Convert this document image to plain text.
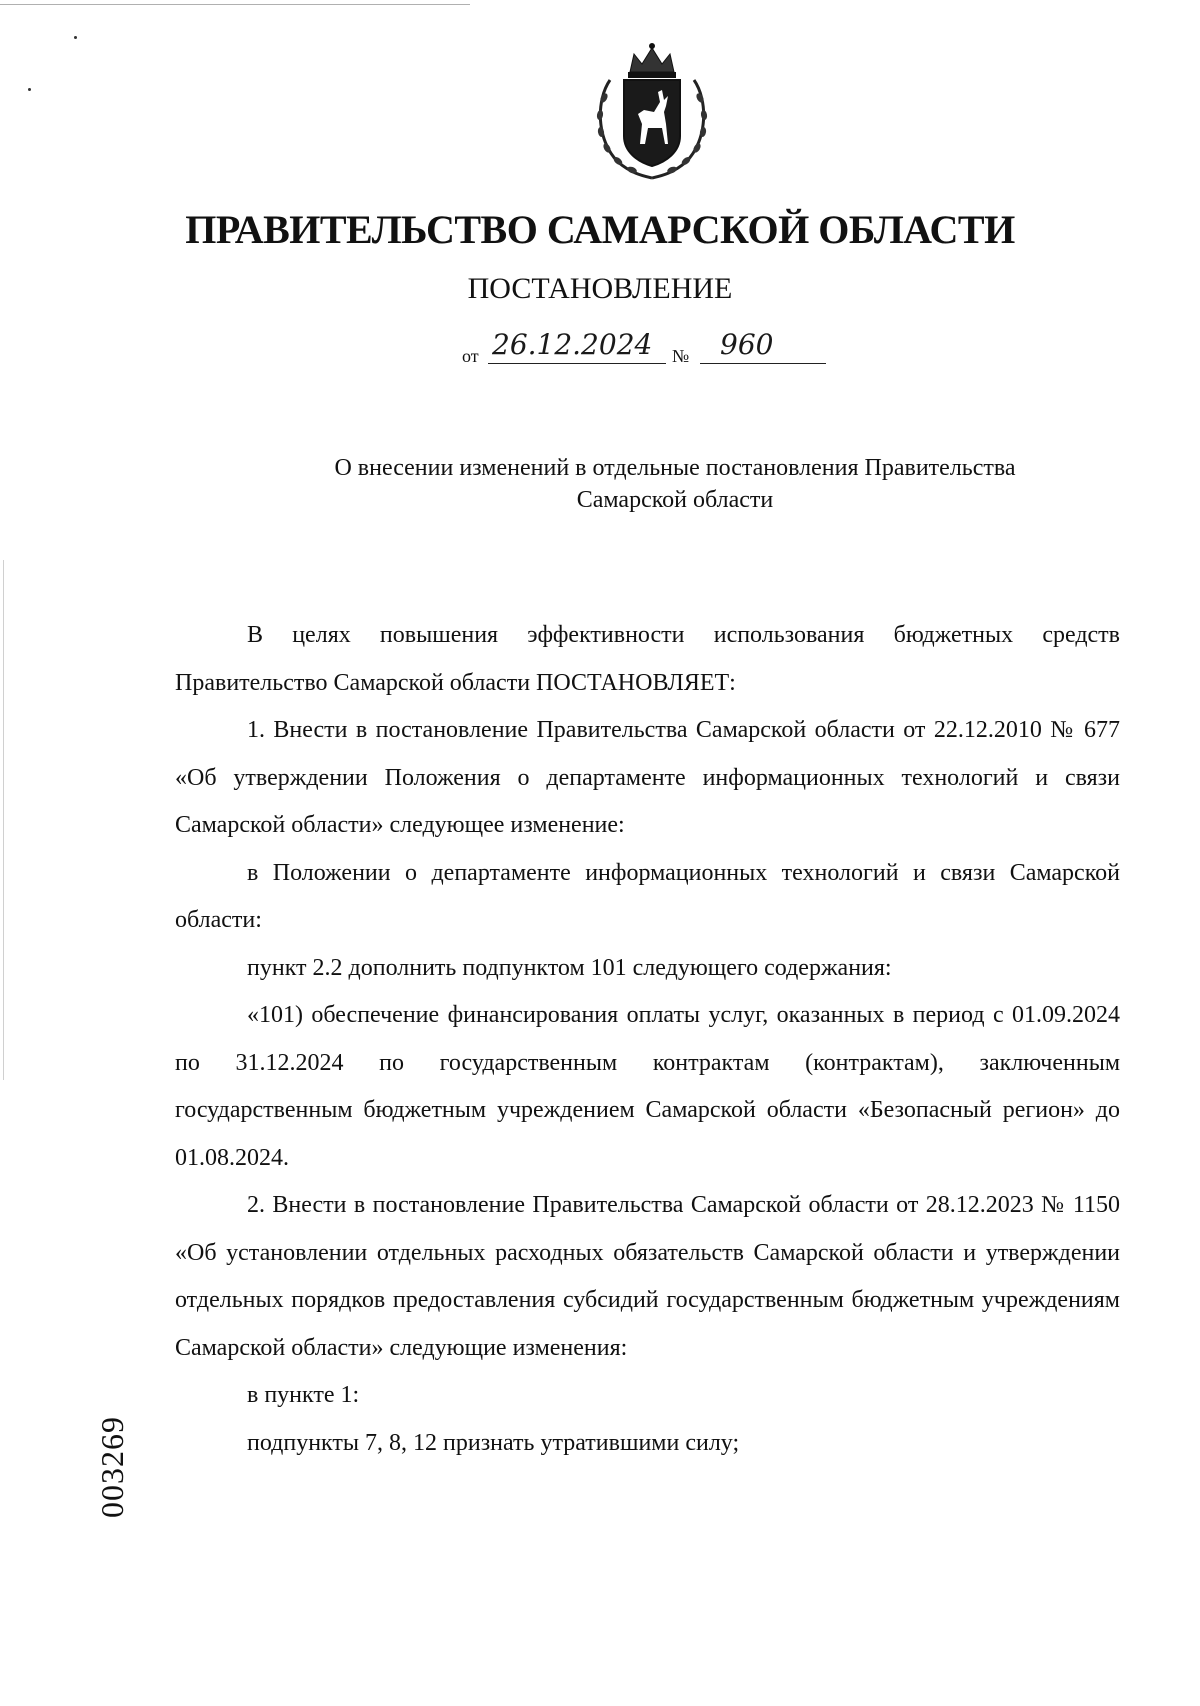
ПРАВИТЕЛЬСТВО САМАРСКОЙ ОБЛАСТИ
ПОСТАНОВЛЕНИЕ
от 26.12.2024 № 960
О внесении изменений в отдельные постановления Правительства
Самарской области

В целях повышения эффективности использования бюджетных средств Правительство Самарской области ПОСТАНОВЛЯЕТ:

1. Внести в постановление Правительства Самарской области от 22.12.2010 № 677 «Об утверждении Положения о департаменте информационных технологий и связи Самарской области» следующее изменение:

в Положении о департаменте информационных технологий и связи Самарской области:

пункт 2.2 дополнить подпунктом 101 следующего содержания:

«101) обеспечение финансирования оплаты услуг, оказанных в период с 01.09.2024 по 31.12.2024 по государственным контрактам (контрактам), заключенным государственным бюджетным учреждением Самарской области «Безопасный регион» до 01.08.2024.

2. Внести в постановление Правительства Самарской области от 28.12.2023 № 1150 «Об установлении отдельных расходных обязательств Самарской области и утверждении отдельных порядков предоставления субсидий государственным бюджетным учреждениям Самарской области» следующие изменения:

в пункте 1:

подпункты 7, 8, 12 признать утратившими силу;

003269
